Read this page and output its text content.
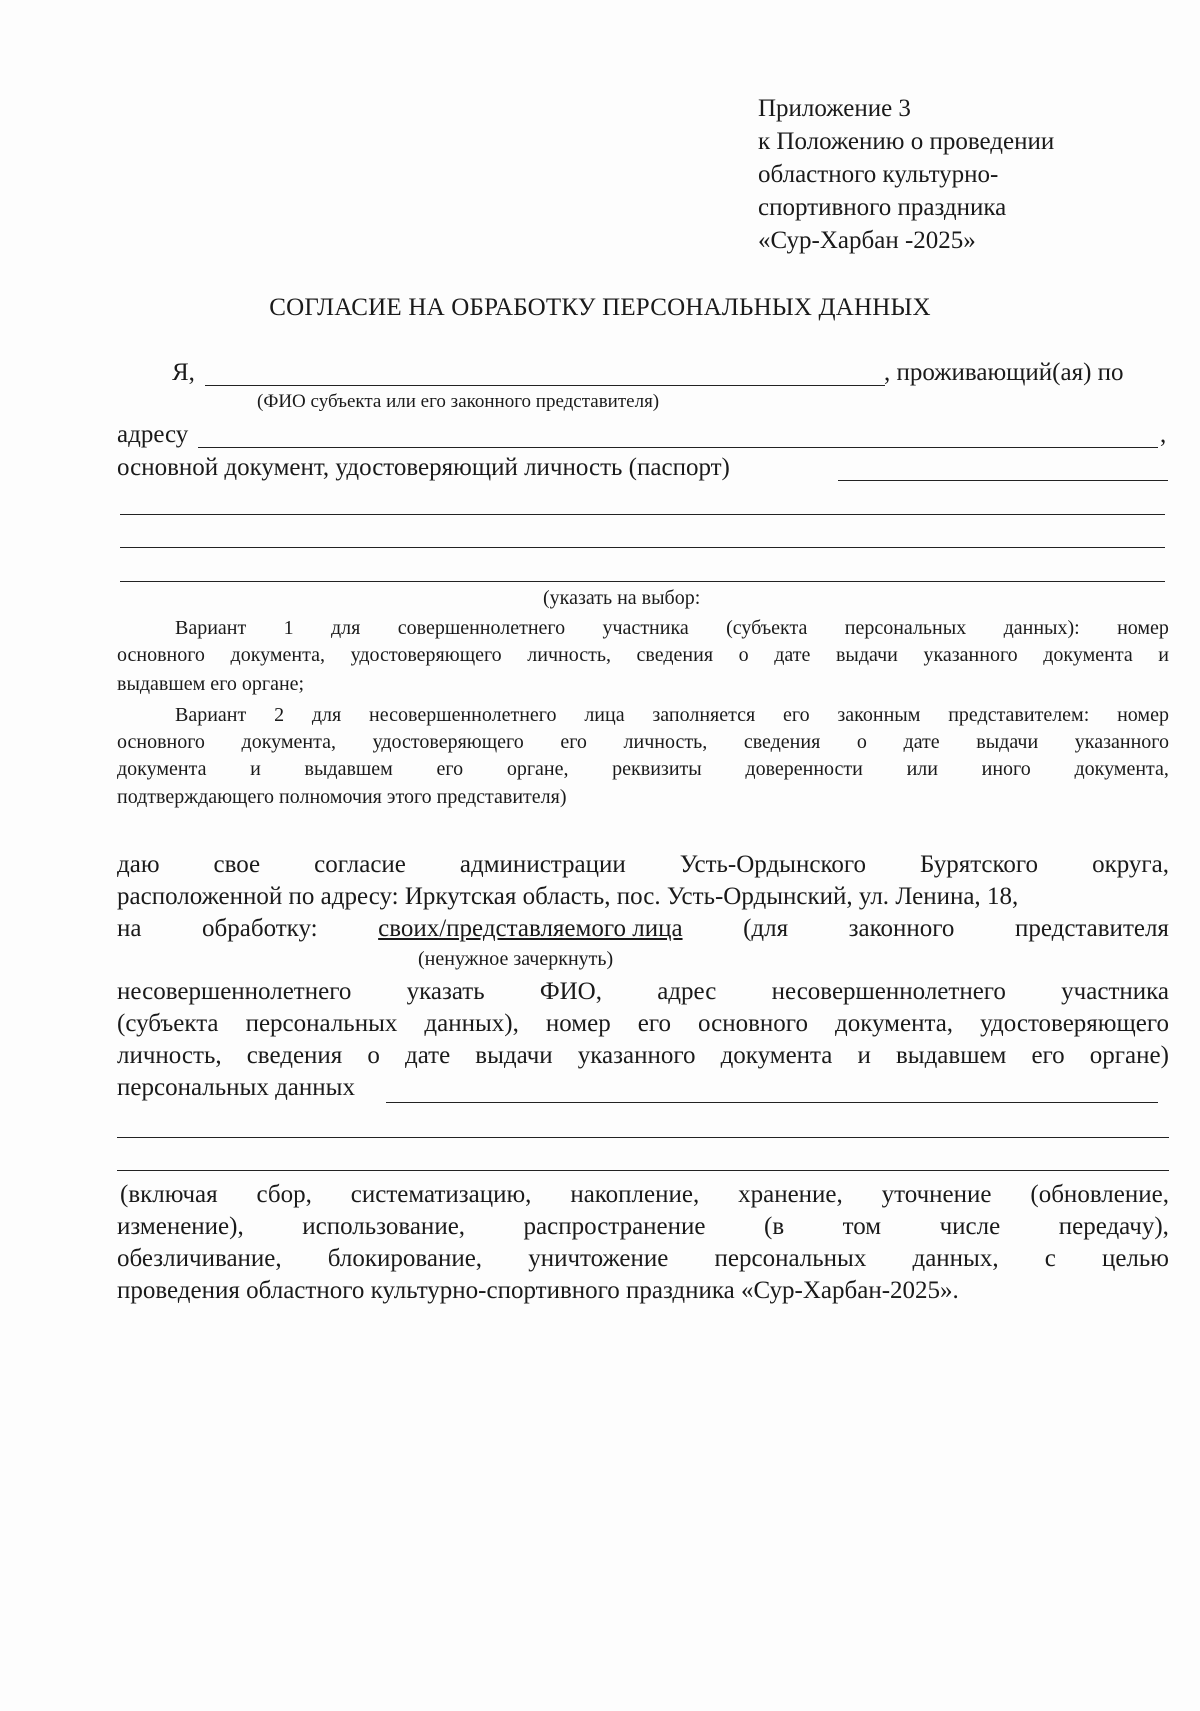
Приложение 3
к Положению о проведении
областного культурно-
спортивного праздника
«Сур-Харбан -2025»
СОГЛАСИЕ НА ОБРАБОТКУ ПЕРСОНАЛЬНЫХ ДАННЫХ
Я,	, проживающий(ая) по
(ФИО субъекта или его законного представителя)
адресу	,
основной документ, удостоверяющий личность (паспорт)
(указать на выбор:
Вариант 1 для совершеннолетнего участника (субъекта персональных данных): номер
основного документа, удостоверяющего личность, сведения о дате выдачи указанного документа и
выдавшем его органе;
Вариант 2 для несовершеннолетнего лица заполняется его законным представителем: номер
основного документа, удостоверяющего его личность, сведения о дате выдачи указанного
документа и выдавшем его органе, реквизиты доверенности или иного документа,
подтверждающего полномочия этого представителя)
даю свое согласие администрации Усть-Ордынского Бурятского округа,
расположенной по адресу: Иркутская область, пос. Усть-Ордынский, ул. Ленина, 18,
на обработку: своих/представляемого лица (для законного представителя
(ненужное зачеркнуть)
несовершеннолетнего указать ФИО, адрес несовершеннолетнего участника
(субъекта персональных данных), номер его основного документа, удостоверяющего
личность, сведения о дате выдачи указанного документа и выдавшем его органе)
персональных данных
(включая сбор, систематизацию, накопление, хранение, уточнение (обновление,
изменение), использование, распространение (в том числе передачу),
обезличивание, блокирование, уничтожение персональных данных, с целью
проведения областного культурно-спортивного праздника «Сур-Харбан-2025».
